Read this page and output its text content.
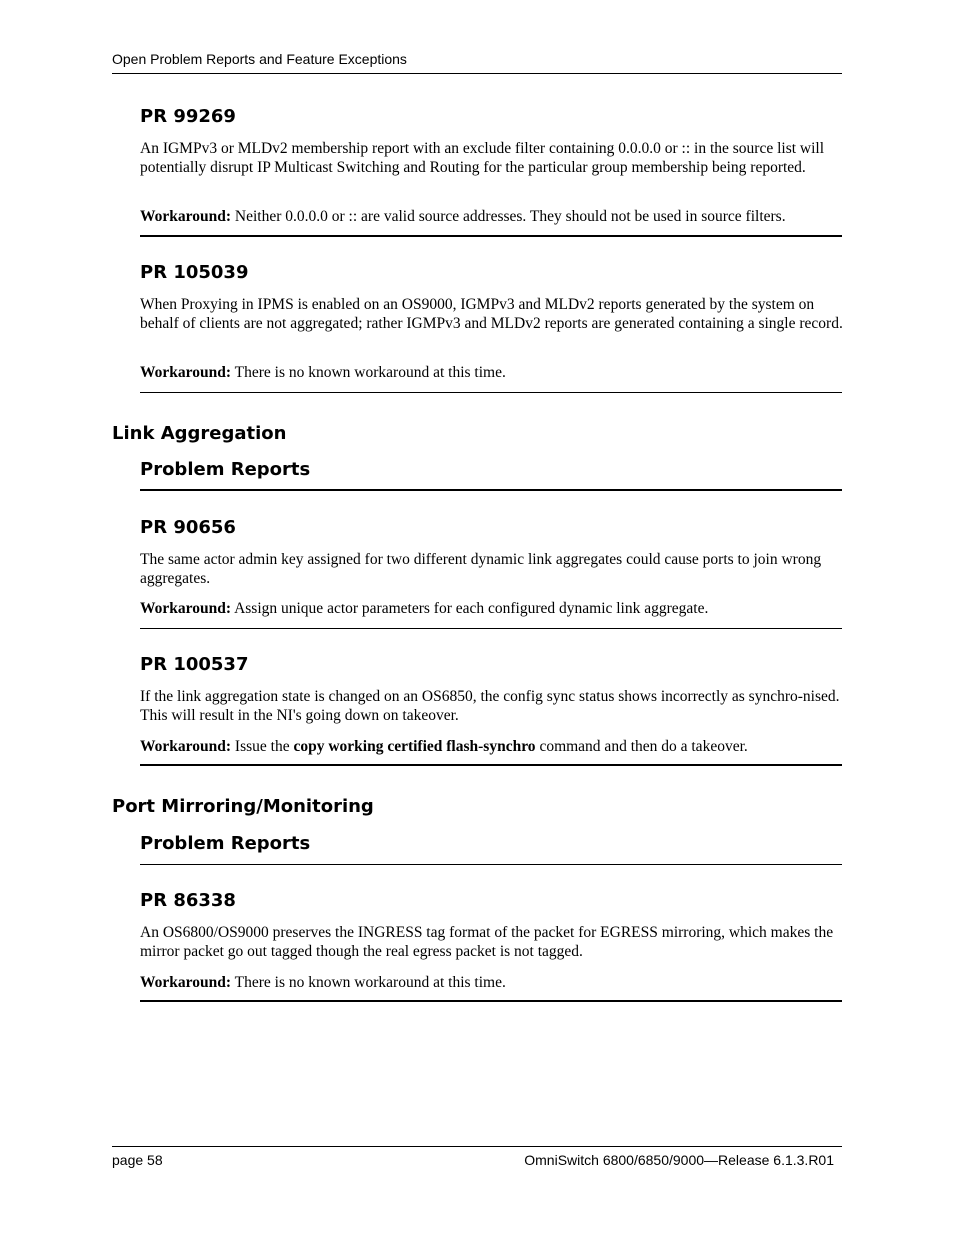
Open Problem Reports and Feature Exceptions
PR 99269
An IGMPv3 or MLDv2 membership report with an exclude filter containing 0.0.0.0 or :: in the source list will potentially disrupt IP Multicast Switching and Routing for the particular group membership being reported.
Workaround: Neither 0.0.0.0 or :: are valid source addresses. They should not be used in source filters.
PR 105039
When Proxying in IPMS is enabled on an OS9000, IGMPv3 and MLDv2 reports generated by the system on behalf of clients are not aggregated; rather IGMPv3 and MLDv2 reports are generated containing a single record.
Workaround: There is no known workaround at this time.
Link Aggregation
Problem Reports
PR 90656
The same actor admin key assigned for two different dynamic link aggregates could cause ports to join wrong aggregates.
Workaround: Assign unique actor parameters for each configured dynamic link aggregate.
PR 100537
If the link aggregation state is changed on an OS6850, the config sync status shows incorrectly as synchro-nised. This will result in the NI's going down on takeover.
Workaround: Issue the copy working certified flash-synchro command and then do a takeover.
Port Mirroring/Monitoring
Problem Reports
PR 86338
An OS6800/OS9000 preserves the INGRESS tag format of the packet for EGRESS mirroring, which makes the mirror packet go out tagged though the real egress packet is not tagged.
Workaround: There is no known workaround at this time.
page 58	OmniSwitch 6800/6850/9000—Release 6.1.3.R01
